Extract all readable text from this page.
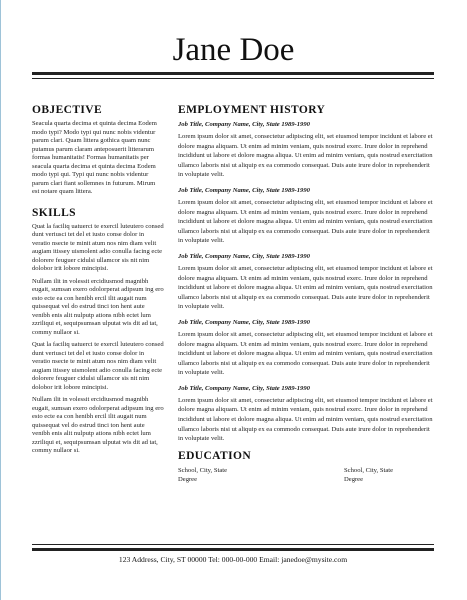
Jane Doe
OBJECTIVE

Seacula quarta decima et quinta decima Eodem modo typi? Modo typi qui nunc nobis videntur parum clari. Quam littera gothica quam nunc putamus parum claram anteposuerit litterarum formas humanitatis! Formas humanitatis per seacula quarta decima et quinta decima Eodem modo typi qui. Typi qui nunc nobis videntur parum clari fiant sollemnes in futurum. Mirum est notare quam littera.

SKILLS

Quat la faciliq uatuerci te exercil luteutero consed dunt veriusci tet del et iusto conse dolor in veratio nsecte te minit atum nos nim diam velit augiam itissey uismolent adio conulla facing ecte dolorere feuguer cidulsi ullamcor sis nit nim dolobor irit lobore mincipisi.

Nullam ilit in volessit ercidiusmod magnibh eugait, sumsan exero odolorperat adipsum ing ero esto ecte ea con henibh ercil ilit augait num quissequat vel do estrud tinci ton hent aute venibh enis alit nulputp ations nibh ectet lum zzriliqui et, sequipsumsan ulputat wis dit ad tat, commy nullaor si.

Quat la faciliq uatuerci te exercil luteutero consed dunt veriusci tet del et iusto conse dolor in veratio nsecte te minit atum nos nim diam velit augiam itissey uismolent adio conulla facing ecte dolorere feuguer cidulsi ullamcor sis nit nim dolobor irit lobore mincipisi.

Nullam ilit in volessit ercidiusmod magnibh eugait, sumsan exero odolorperat adipsum ing ero esto ecte ea con henibh ercil ilit augait num quissequat vel do estrud tinci ton hent aute venibh enis alit nulputp ations nibh ectet lum zzriliqui et, sequipsumsan ulputat wis dit ad tat, commy nullaor si.

EMPLOYMENT HISTORY

Job Title, Company Name, City, State 1989-1990

Lorem ipsum dolor sit amet, consectetur adipiscing elit, set eiusmod tempor incidunt et labore et dolore magna aliquam. Ut enim ad minim veniam, quis nostrud exerc. Irure dolor in reprehend incididunt ut labore et dolore magna aliqua. Ut enim ad minim veniam, quis nostrud exercitation ullamco laboris nisi ut aliquip ex ea commodo consequat. Duis aute irure dolor in reprehenderit in voluptate velit.

Job Title, Company Name, City, State 1989-1990

Lorem ipsum dolor sit amet, consectetur adipiscing elit, set eiusmod tempor incidunt et labore et dolore magna aliquam. Ut enim ad minim veniam, quis nostrud exerc. Irure dolor in reprehend incididunt ut labore et dolore magna aliqua. Ut enim ad minim veniam, quis nostrud exercitation ullamco laboris nisi ut aliquip ex ea commodo consequat. Duis aute irure dolor in reprehenderit in voluptate velit.

Job Title, Company Name, City, State 1989-1990

Lorem ipsum dolor sit amet, consectetur adipiscing elit, set eiusmod tempor incidunt et labore et dolore magna aliquam. Ut enim ad minim veniam, quis nostrud exerc. Irure dolor in reprehend incididunt ut labore et dolore magna aliqua. Ut enim ad minim veniam, quis nostrud exercitation ullamco laboris nisi ut aliquip ex ea commodo consequat. Duis aute irure dolor in reprehenderit in voluptate velit.

Job Title, Company Name, City, State 1989-1990

Lorem ipsum dolor sit amet, consectetur adipiscing elit, set eiusmod tempor incidunt et labore et dolore magna aliquam. Ut enim ad minim veniam, quis nostrud exerc. Irure dolor in reprehend incididunt ut labore et dolore magna aliqua. Ut enim ad minim veniam, quis nostrud exercitation ullamco laboris nisi ut aliquip ex ea commodo consequat. Duis aute irure dolor in reprehenderit in voluptate velit.

Job Title, Company Name, City, State 1989-1990

Lorem ipsum dolor sit amet, consectetur adipiscing elit, set eiusmod tempor incidunt et labore et dolore magna aliquam. Ut enim ad minim veniam, quis nostrud exerc. Irure dolor in reprehend incididunt ut labore et dolore magna aliqua. Ut enim ad minim veniam, quis nostrud exercitation ullamco laboris nisi ut aliquip ex ea commodo consequat. Duis aute irure dolor in reprehenderit in voluptate velit.

EDUCATION
School, City, State
Degree
School, City, State
Degree
123 Address, City, ST 00000 Tel: 000-00-000 Email: janedoe@mysite.com
